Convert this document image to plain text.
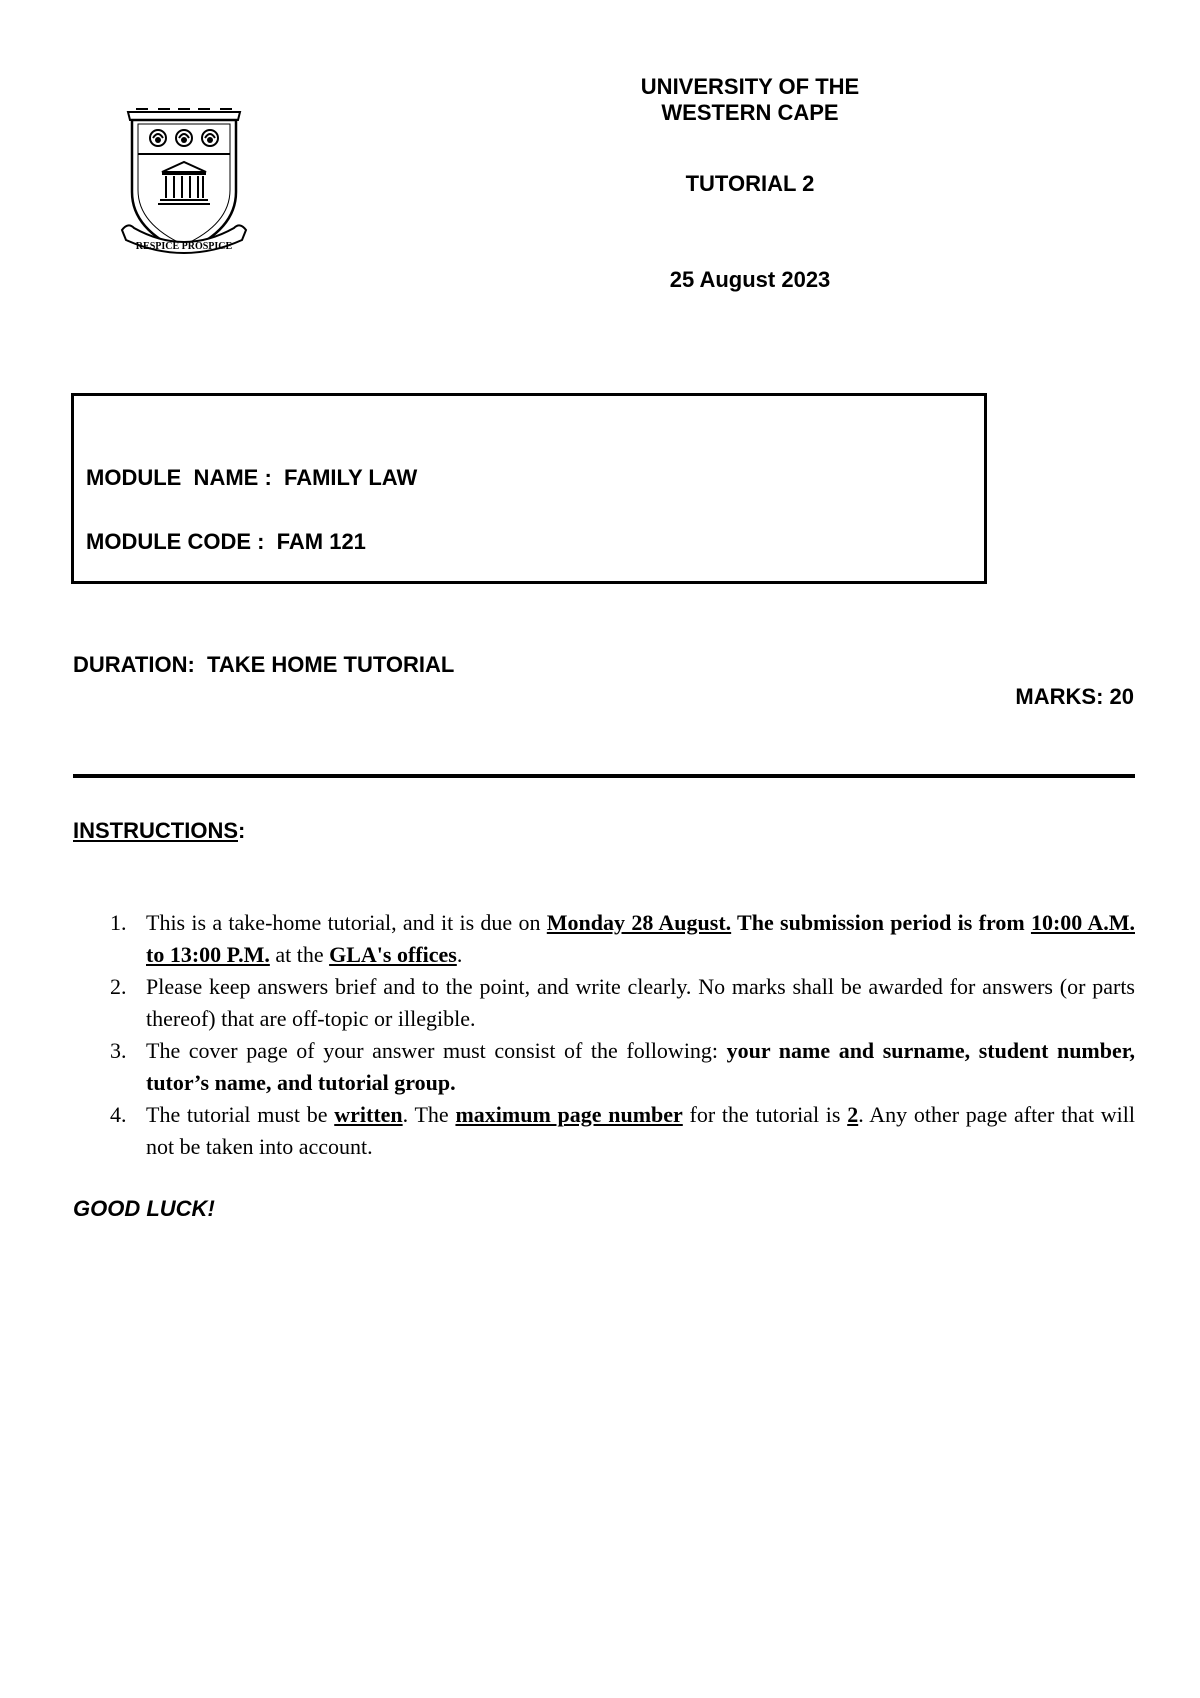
RESPICE PROSPICE
UNIVERSITY OF THE WESTERN CAPE
TUTORIAL 2
25 August 2023
MODULE  NAME :  FAMILY LAW
MODULE CODE :  FAM 121
DURATION:  TAKE HOME TUTORIAL
MARKS: 20
INSTRUCTIONS:
1. This is a take-home tutorial, and it is due on Monday 28 August. The submission period is from 10:00 A.M. to 13:00 P.M. at the GLA's offices.
2. Please keep answers brief and to the point, and write clearly. No marks shall be awarded for answers (or parts thereof) that are off-topic or illegible.
3. The cover page of your answer must consist of the following: your name and surname, student number, tutor’s name, and tutorial group.
4. The tutorial must be written. The maximum page number for the tutorial is 2. Any other page after that will not be taken into account.
GOOD LUCK!
